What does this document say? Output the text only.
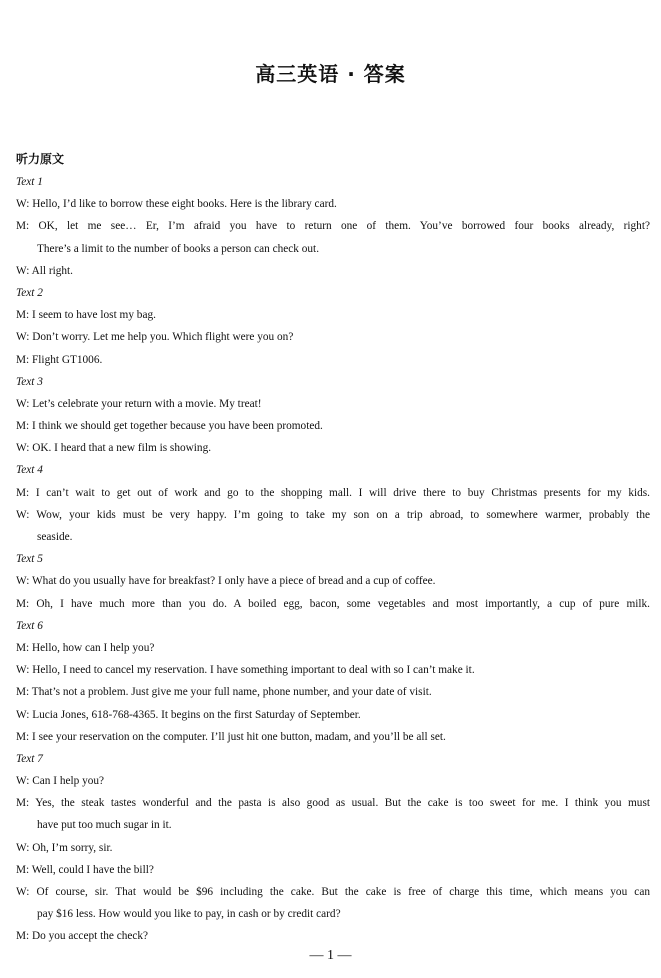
高三英语 · 答案
听力原文
Text 1
W: Hello, I’d like to borrow these eight books. Here is the library card.
M: OK, let me see… Er, I’m afraid you have to return one of them. You’ve borrowed four books already, right?
There’s a limit to the number of books a person can check out.
W: All right.
Text 2
M: I seem to have lost my bag.
W: Don’t worry. Let me help you. Which flight were you on?
M: Flight GT1006.
Text 3
W: Let’s celebrate your return with a movie. My treat!
M: I think we should get together because you have been promoted.
W: OK. I heard that a new film is showing.
Text 4
M: I can’t wait to get out of work and go to the shopping mall. I will drive there to buy Christmas presents for my kids.
W: Wow, your kids must be very happy. I’m going to take my son on a trip abroad, to somewhere warmer, probably the
seaside.
Text 5
W: What do you usually have for breakfast? I only have a piece of bread and a cup of coffee.
M: Oh, I have much more than you do. A boiled egg, bacon, some vegetables and most importantly, a cup of pure milk.
Text 6
M: Hello, how can I help you?
W: Hello, I need to cancel my reservation. I have something important to deal with so I can’t make it.
M: That’s not a problem. Just give me your full name, phone number, and your date of visit.
W: Lucia Jones, 618-768-4365. It begins on the first Saturday of September.
M: I see your reservation on the computer. I’ll just hit one button, madam, and you’ll be all set.
Text 7
W: Can I help you?
M: Yes, the steak tastes wonderful and the pasta is also good as usual. But the cake is too sweet for me. I think you must
have put too much sugar in it.
W: Oh, I’m sorry, sir.
M: Well, could I have the bill?
W: Of course, sir. That would be $96 including the cake. But the cake is free of charge this time, which means you can
pay $16 less. How would you like to pay, in cash or by credit card?
M: Do you accept the check?
— 1 —
